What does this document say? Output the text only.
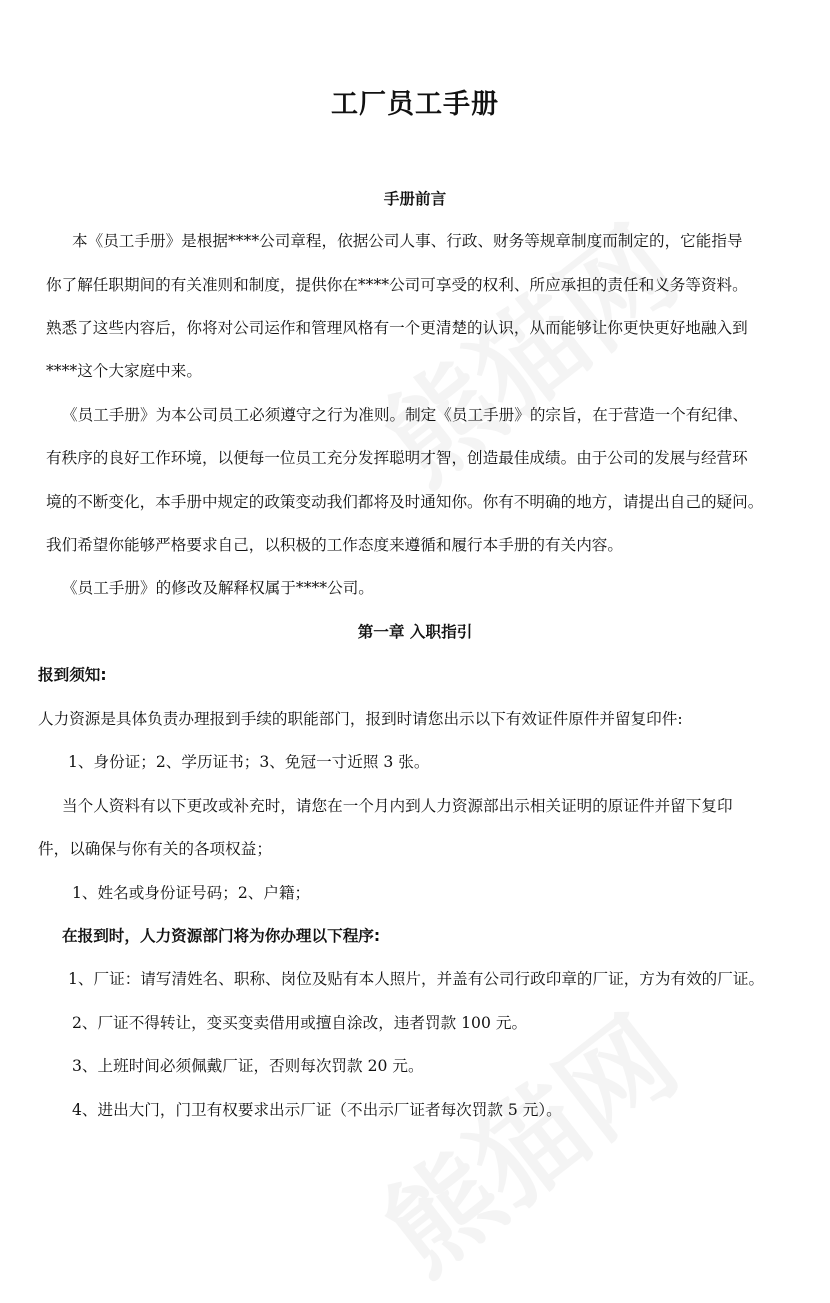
工厂员工手册
手册前言
本《员工手册》是根据****公司章程，依据公司人事、行政、财务等规章制度而制定的，它能指导
你了解任职期间的有关准则和制度，提供你在****公司可享受的权利、所应承担的责任和义务等资料。
熟悉了这些内容后，你将对公司运作和管理风格有一个更清楚的认识，从而能够让你更快更好地融入到
****这个大家庭中来。
《员工手册》为本公司员工必须遵守之行为准则。制定《员工手册》的宗旨，在于营造一个有纪律、
有秩序的良好工作环境，以便每一位员工充分发挥聪明才智，创造最佳成绩。由于公司的发展与经营环
境的不断变化，本手册中规定的政策变动我们都将及时通知你。你有不明确的地方，请提出自己的疑问。
我们希望你能够严格要求自己，以积极的工作态度来遵循和履行本手册的有关内容。
《员工手册》的修改及解释权属于****公司。
第一章 入职指引
报到须知:
人力资源是具体负责办理报到手续的职能部门，报到时请您出示以下有效证件原件并留复印件:
1、身份证；2、学历证书；3、免冠一寸近照 3 张。
当个人资料有以下更改或补充时，请您在一个月内到人力资源部出示相关证明的原证件并留下复印
件，以确保与你有关的各项权益；
1、姓名或身份证号码；2、户籍；
在报到时，人力资源部门将为你办理以下程序:
1、厂证：请写清姓名、职称、岗位及贴有本人照片，并盖有公司行政印章的厂证，方为有效的厂证。
2、厂证不得转让，变买变卖借用或擅自涂改，违者罚款 100 元。
3、上班时间必须佩戴厂证，否则每次罚款 20 元。
4、进出大门，门卫有权要求出示厂证（不出示厂证者每次罚款 5 元）。
